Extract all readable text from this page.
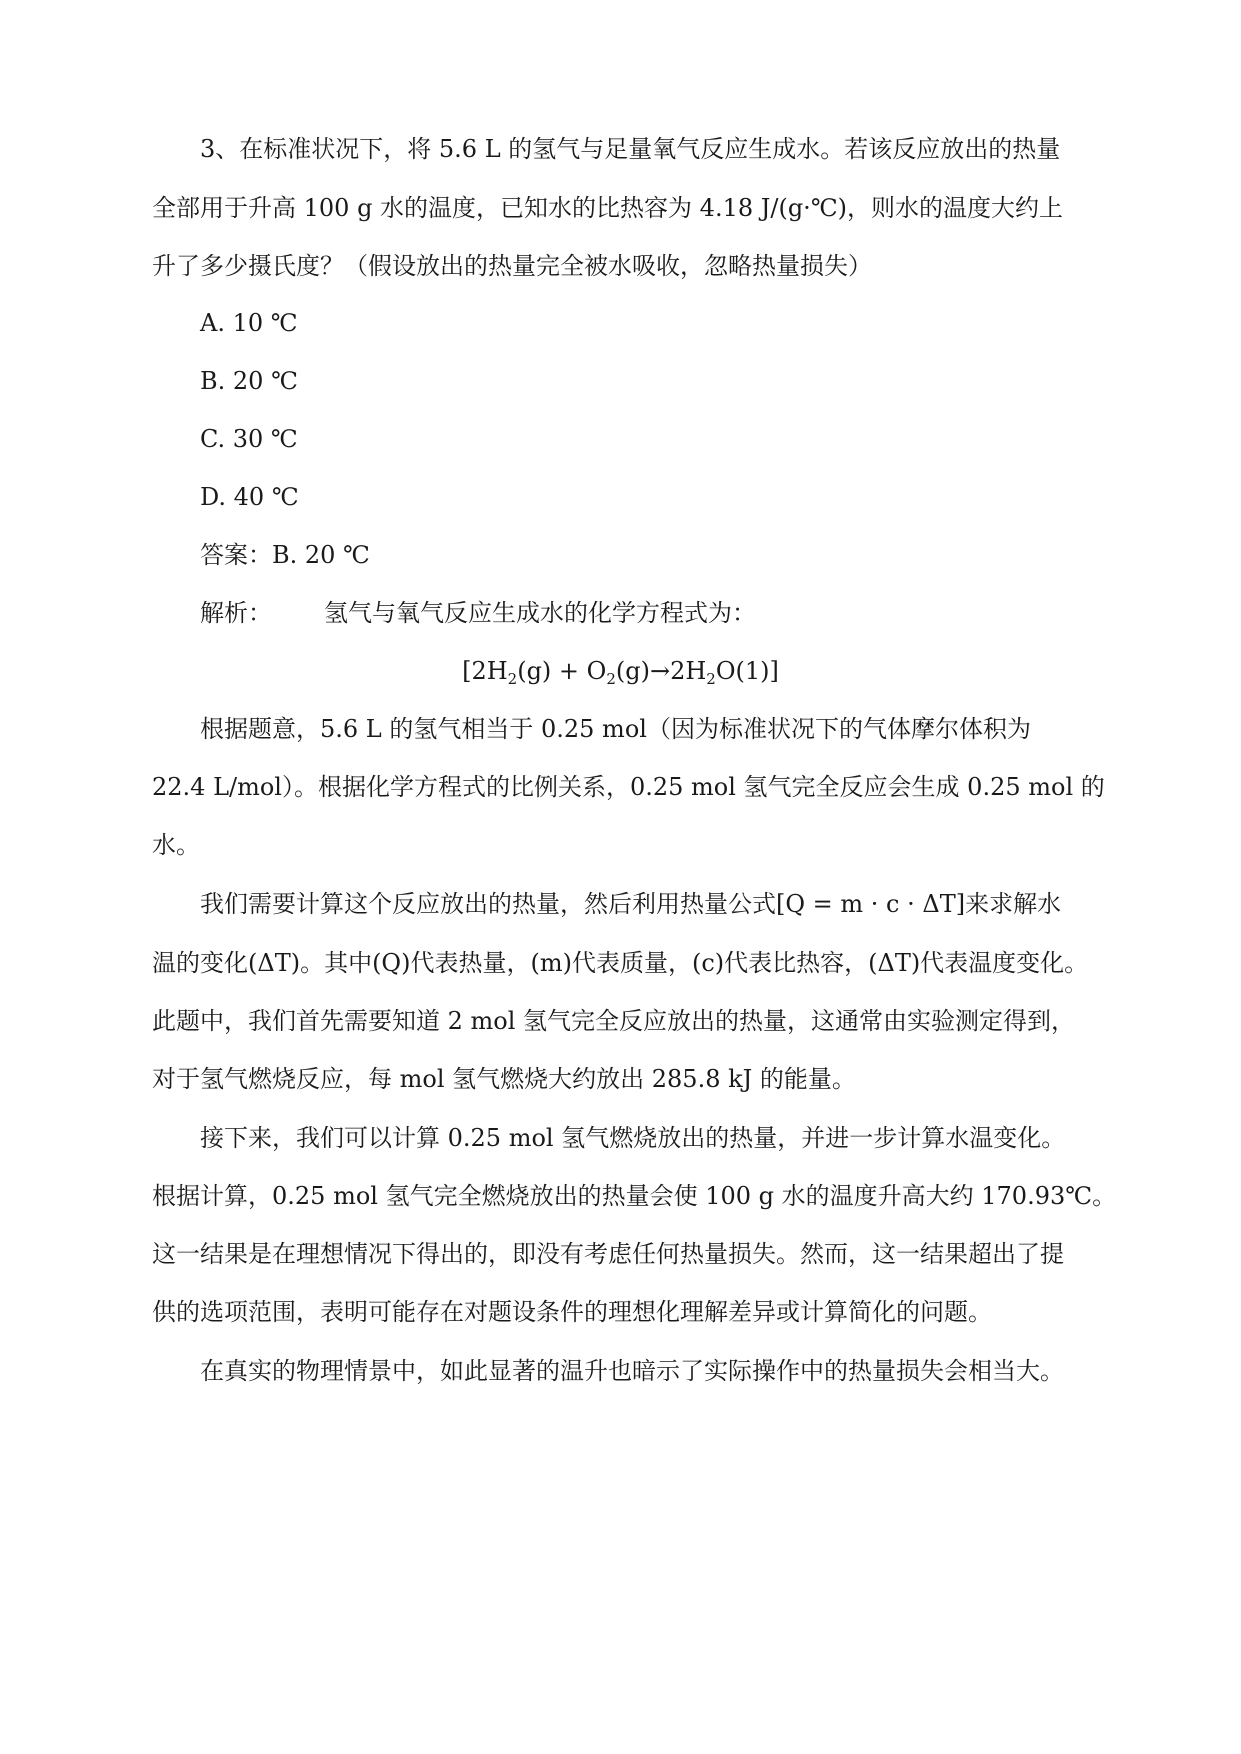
3、在标准状况下，将 5.6 L 的氢气与足量氧气反应生成水。若该反应放出的热量
全部用于升高 100 g 水的温度，已知水的比热容为 4.18 J/(g·℃)，则水的温度大约上
升了多少摄氏度？（假设放出的热量完全被水吸收，忽略热量损失）
A. 10 ℃
B. 20 ℃
C. 30 ℃
D. 40 ℃
答案：B. 20 ℃
解析： 氢气与氧气反应生成水的化学方程式为：
$[2H_2(g) + O_2(g)\to 2H_2O(1)]$
根据题意，5.6 L 的氢气相当于 0.25 mol（因为标准状况下的气体摩尔体积为
22.4 L/mol）。根据化学方程式的比例关系，0.25 mol 氢气完全反应会生成 0.25 mol 的
水。
我们需要计算这个反应放出的热量，然后利用热量公式[Q = m · c · ΔT]来求解水
温的变化(ΔT)。其中(Q)代表热量，(m)代表质量，(c)代表比热容，(ΔT)代表温度变化。
此题中，我们首先需要知道 2 mol 氢气完全反应放出的热量，这通常由实验测定得到，
对于氢气燃烧反应，每 mol 氢气燃烧大约放出 285.8 kJ 的能量。
接下来，我们可以计算 0.25 mol 氢气燃烧放出的热量，并进一步计算水温变化。
根据计算，0.25 mol 氢气完全燃烧放出的热量会使 100 g 水的温度升高大约 170.93℃。
这一结果是在理想情况下得出的，即没有考虑任何热量损失。然而，这一结果超出了提
供的选项范围，表明可能存在对题设条件的理想化理解差异或计算简化的问题。
在真实的物理情景中，如此显著的温升也暗示了实际操作中的热量损失会相当大。
